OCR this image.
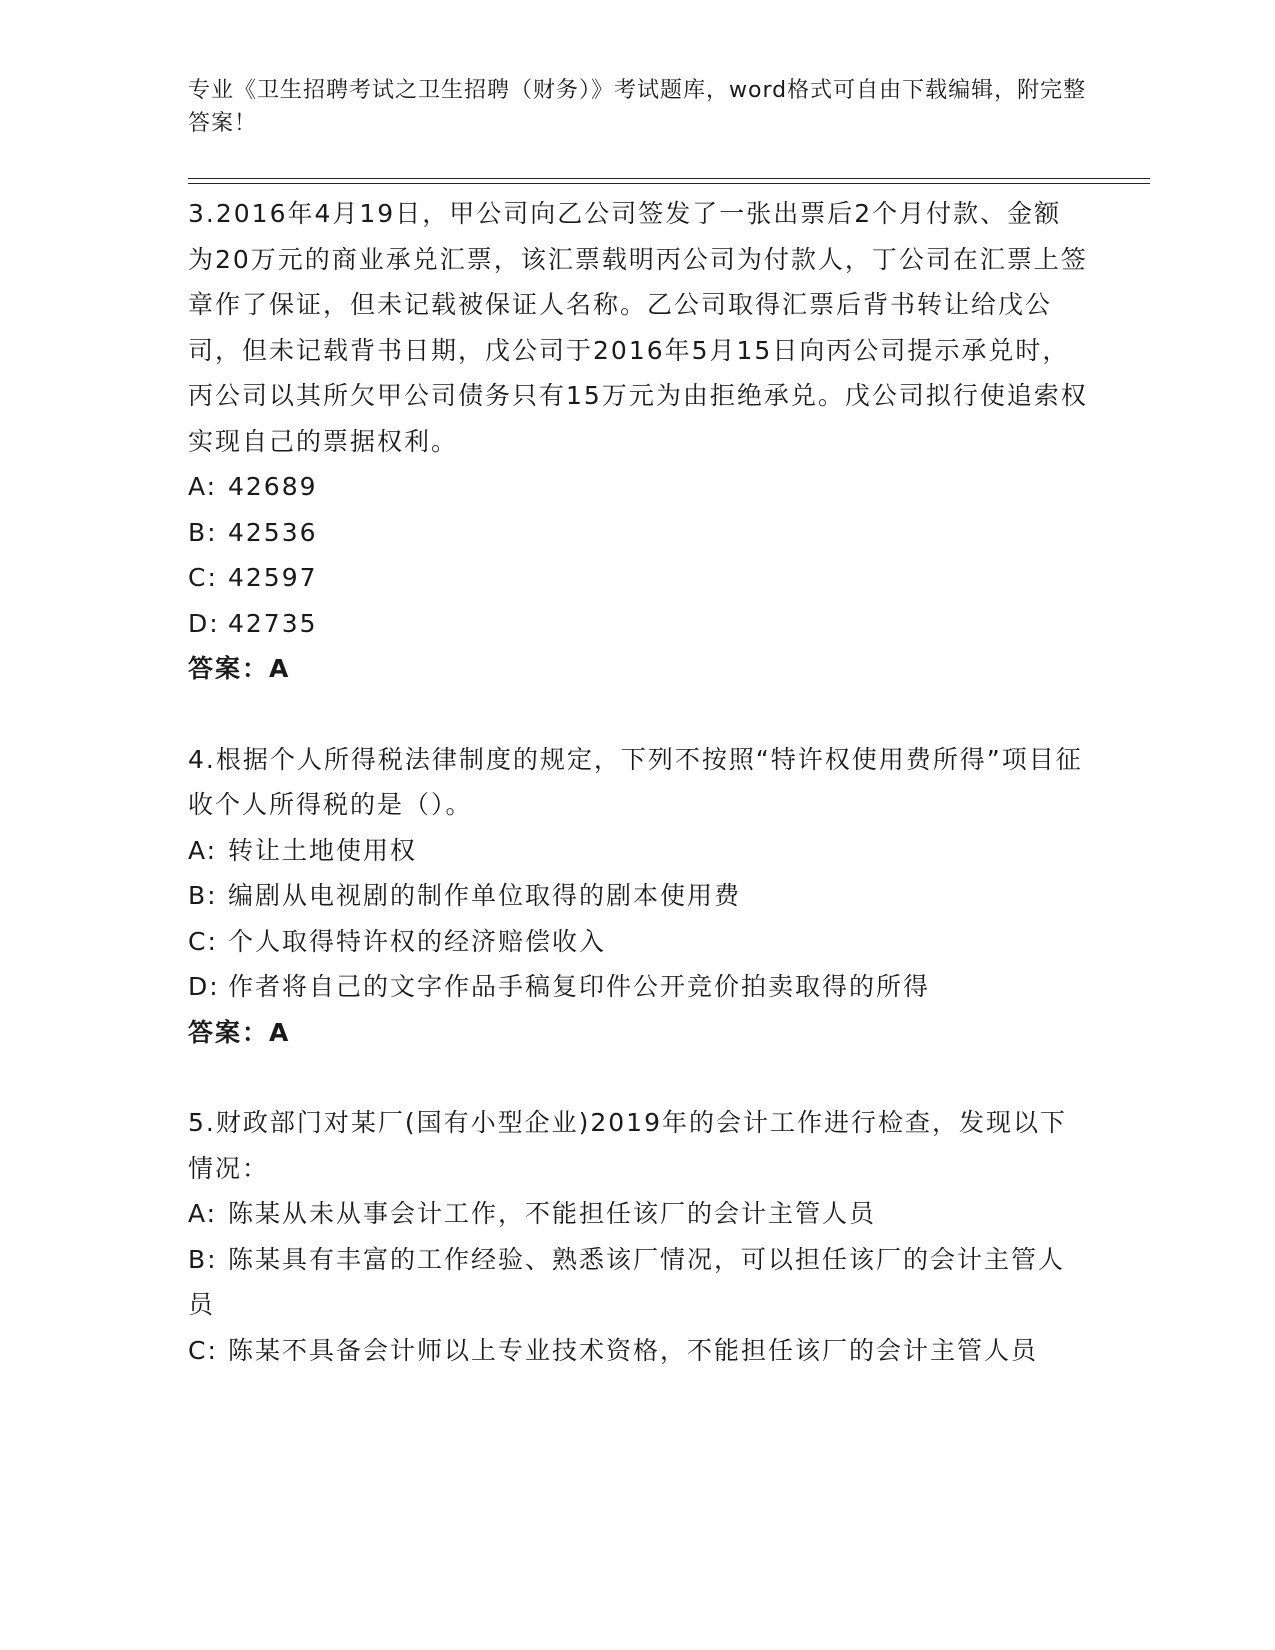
专业《卫生招聘考试之卫生招聘（财务）》考试题库，word格式可自由下载编辑，附完整答案！

3.2016年4月19日，甲公司向乙公司签发了一张出票后2个月付款、金额为20万元的商业承兑汇票，该汇票载明丙公司为付款人，丁公司在汇票上签章作了保证，但未记载被保证人名称。乙公司取得汇票后背书转让给戊公司，但未记载背书日期，戊公司于2016年5月15日向丙公司提示承兑时，丙公司以其所欠甲公司债务只有15万元为由拒绝承兑。戊公司拟行使追索权实现自己的票据权利。

A: 42689

B: 42536

C: 42597

D: 42735

答案：A

4.根据个人所得税法律制度的规定，下列不按照“特许权使用费所得”项目征收个人所得税的是（）。

A: 转让土地使用权

B: 编剧从电视剧的制作单位取得的剧本使用费

C: 个人取得特许权的经济赔偿收入

D: 作者将自己的文字作品手稿复印件公开竞价拍卖取得的所得

答案：A

5.财政部门对某厂(国有小型企业)2019年的会计工作进行检查，发现以下情况：

A: 陈某从未从事会计工作，不能担任该厂的会计主管人员

B: 陈某具有丰富的工作经验、熟悉该厂情况，可以担任该厂的会计主管人员

C: 陈某不具备会计师以上专业技术资格，不能担任该厂的会计主管人员
